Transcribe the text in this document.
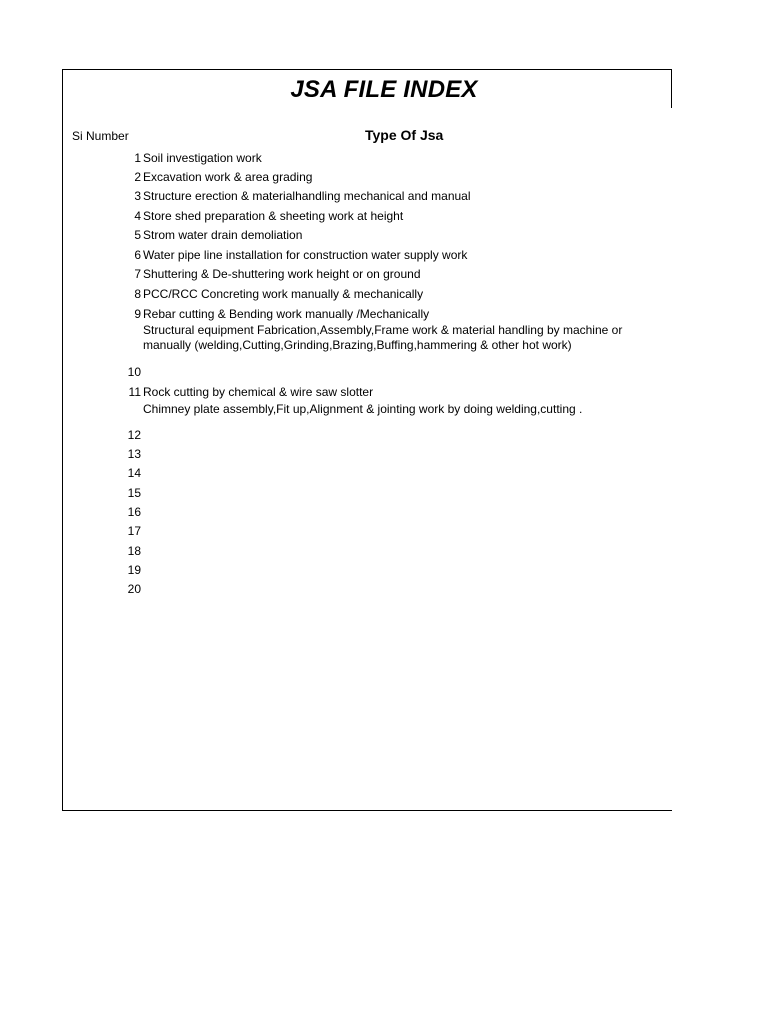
JSA FILE INDEX
Si Number	Type Of Jsa
1
2
3
4
5
6
7
8
9
10
11
12
13
14
15
16
17
18
19
20
Soil investigation work
Excavation work & area grading
Structure erection & materialhandling mechanical and manual
Store shed preparation & sheeting work at height
Strom water drain demoliation
Water pipe line installation for construction water supply work
Shuttering & De-shuttering work height or on ground
PCC/RCC Concreting work manually & mechanically
Rebar cutting & Bending work manually /Mechanically
Structural equipment Fabrication,Assembly,Frame work & material handling by machine or manually (welding,Cutting,Grinding,Brazing,Buffing,hammering & other hot work)
Rock cutting by chemical & wire saw slotter
Chimney plate assembly,Fit up,Alignment & jointing work by doing welding,cutting .
